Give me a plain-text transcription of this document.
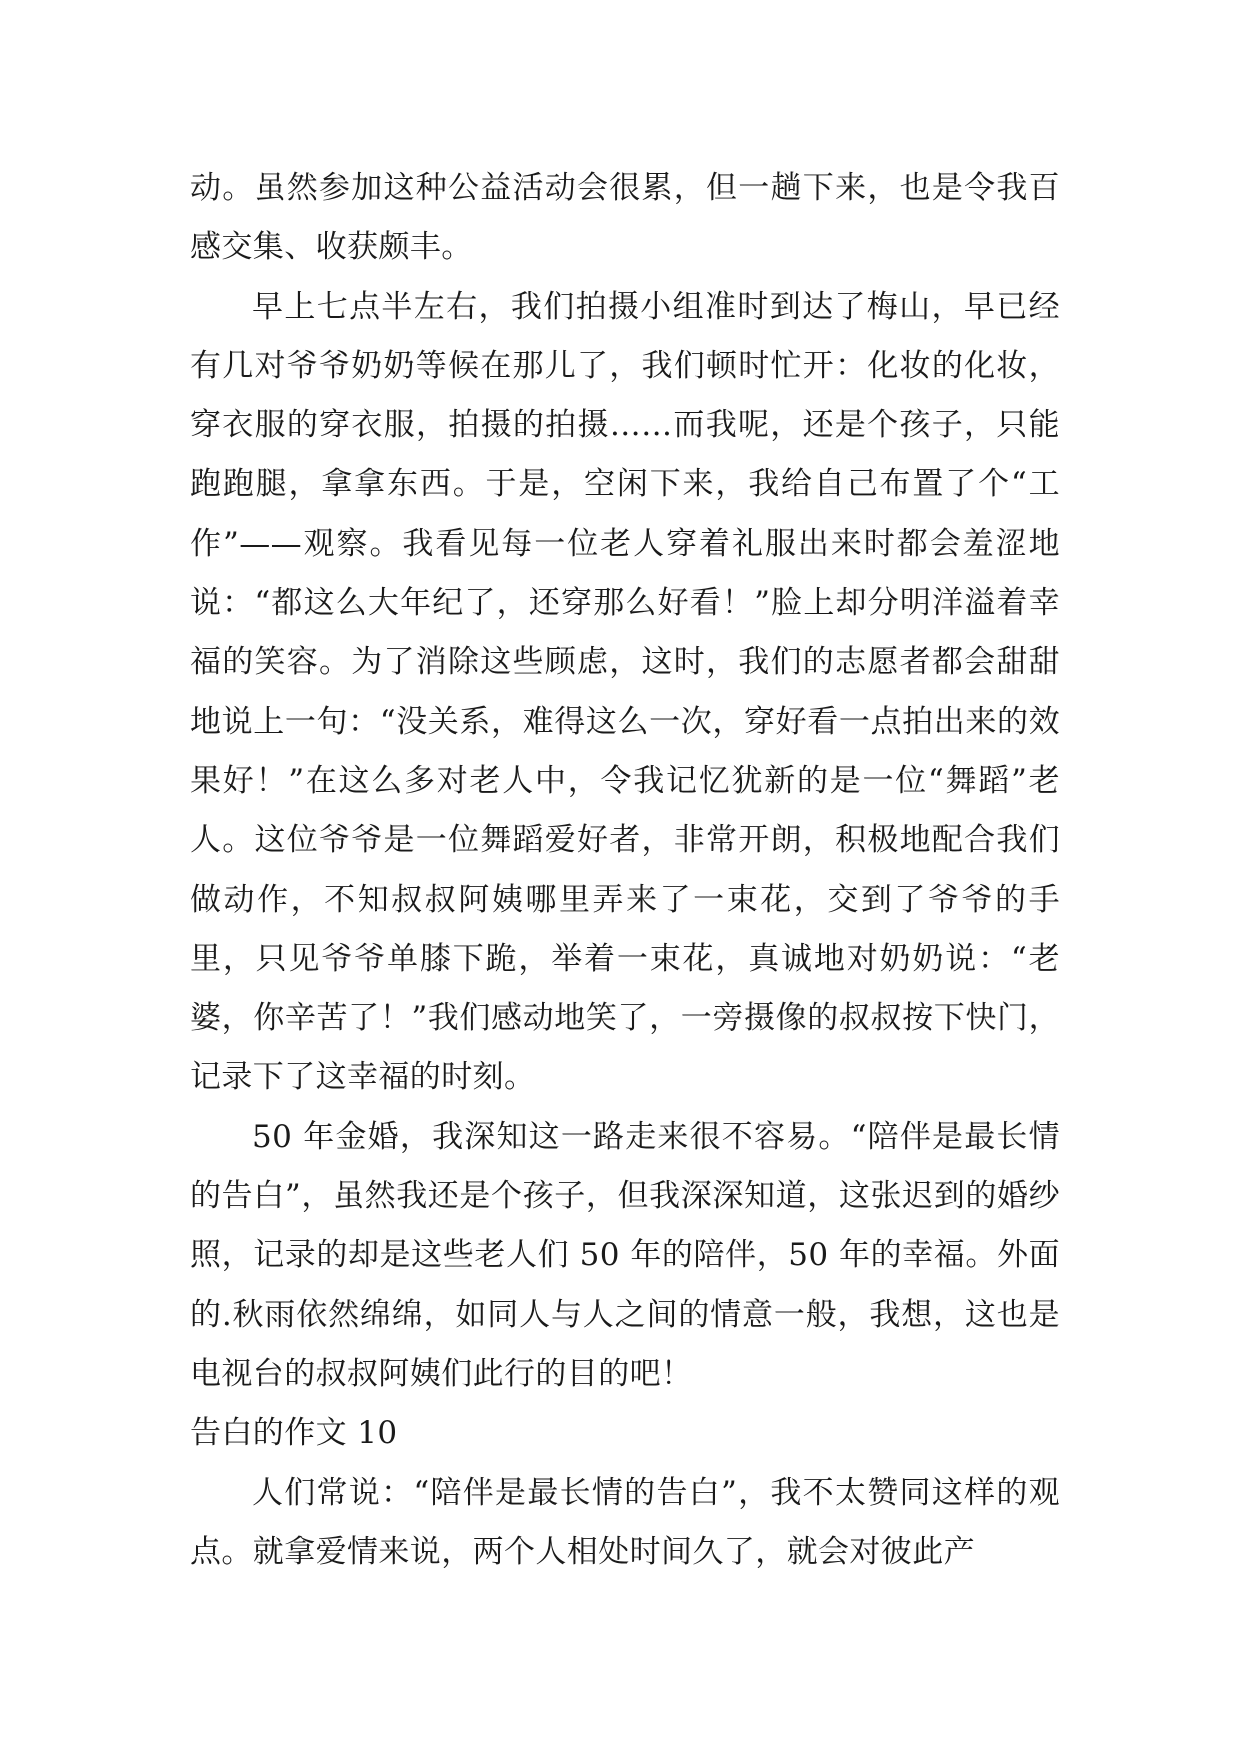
动。虽然参加这种公益活动会很累，但一趟下来，也是令我百感交集、收获颇丰。

早上七点半左右，我们拍摄小组准时到达了梅山，早已经有几对爷爷奶奶等候在那儿了，我们顿时忙开：化妆的化妆，穿衣服的穿衣服，拍摄的拍摄……而我呢，还是个孩子，只能跑跑腿，拿拿东西。于是，空闲下来，我给自己布置了个“工作”——观察。我看见每一位老人穿着礼服出来时都会羞涩地说：“都这么大年纪了，还穿那么好看！”脸上却分明洋溢着幸福的笑容。为了消除这些顾虑，这时，我们的志愿者都会甜甜地说上一句：“没关系，难得这么一次，穿好看一点拍出来的效果好！”在这么多对老人中，令我记忆犹新的是一位“舞蹈”老人。这位爷爷是一位舞蹈爱好者，非常开朗，积极地配合我们做动作，不知叔叔阿姨哪里弄来了一束花，交到了爷爷的手里，只见爷爷单膝下跪，举着一束花，真诚地对奶奶说：“老婆，你辛苦了！”我们感动地笑了，一旁摄像的叔叔按下快门，记录下了这幸福的时刻。

50 年金婚，我深知这一路走来很不容易。“陪伴是最长情的告白”，虽然我还是个孩子，但我深深知道，这张迟到的婚纱照，记录的却是这些老人们 50 年的陪伴，50 年的幸福。外面的.秋雨依然绵绵，如同人与人之间的情意一般，我想，这也是电视台的叔叔阿姨们此行的目的吧！

告白的作文 10

人们常说：“陪伴是最长情的告白”，我不太赞同这样的观点。就拿爱情来说，两个人相处时间久了，就会对彼此产
